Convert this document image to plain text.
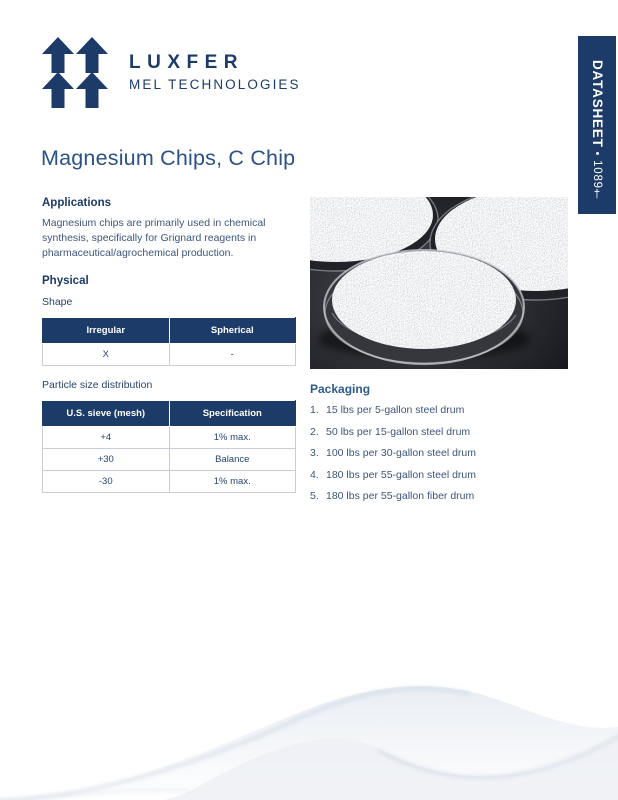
LUXFER
MEL TECHNOLOGIES	DATASHEET • 1089†
Magnesium Chips, C Chip
Applications
Magnesium chips are primarily used in chemical synthesis, specifically for Grignard reagents in pharmaceutical/agrochemical production.
Physical
Shape
Irregular	Spherical
X	-
Particle size distribution
U.S. sieve (mesh)	Specification
+4	1% max.
+30	Balance
-30	1% max.
Packaging
1. 15 lbs per 5-gallon steel drum
2. 50 lbs per 15-gallon steel drum
3. 100 lbs per 30-gallon steel drum
4. 180 lbs per 55-gallon steel drum
5. 180 lbs per 55-gallon fiber drum
